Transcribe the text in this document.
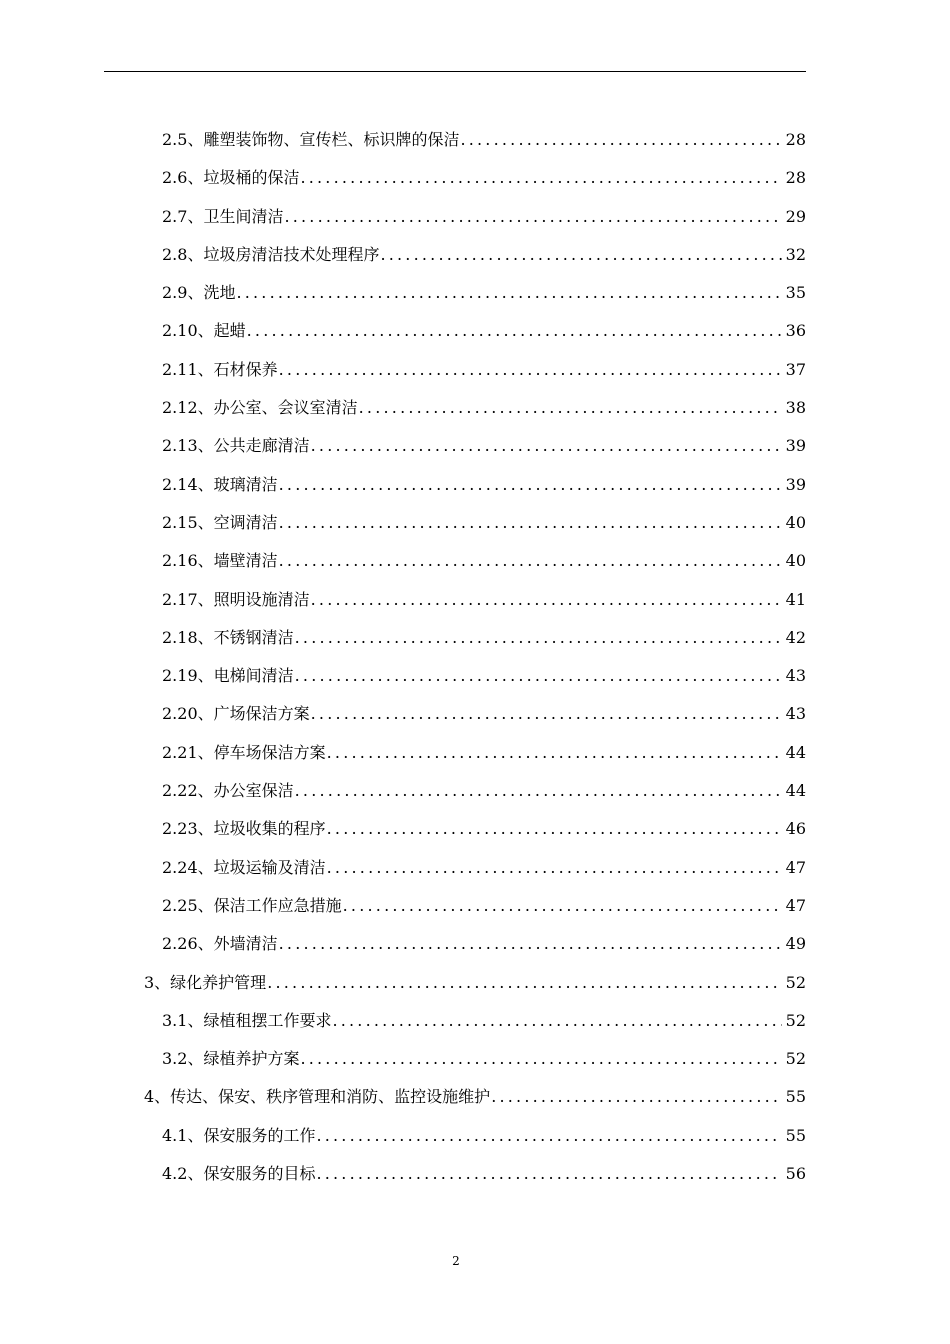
2.5、雕塑装饰物、宣传栏、标识牌的保洁 .....	28
2.6、垃圾桶的保洁 .....	28
2.7、卫生间清洁 .....	29
2.8、垃圾房清洁技术处理程序 .....	32
2.9、洗地 .....	35
2.10、起蜡 .....	36
2.11、石材保养 .....	37
2.12、办公室、会议室清洁 .....	38
2.13、公共走廊清洁 .....	39
2.14、玻璃清洁 .....	39
2.15、空调清洁 .....	40
2.16、墙壁清洁 .....	40
2.17、照明设施清洁 .....	41
2.18、不锈钢清洁 .....	42
2.19、电梯间清洁 .....	43
2.20、广场保洁方案 .....	43
2.21、停车场保洁方案 .....	44
2.22、办公室保洁 .....	44
2.23、垃圾收集的程序 .....	46
2.24、垃圾运输及清洁 .....	47
2.25、保洁工作应急措施 .....	47
2.26、外墙清洁 .....	49
3、绿化养护管理 .....	52
3.1、绿植租摆工作要求 .....	52
3.2、绿植养护方案 .....	52
4、传达、保安、秩序管理和消防、监控设施维护 .....	55
4.1、保安服务的工作 .....	55
4.2、保安服务的目标 .....	56
2
